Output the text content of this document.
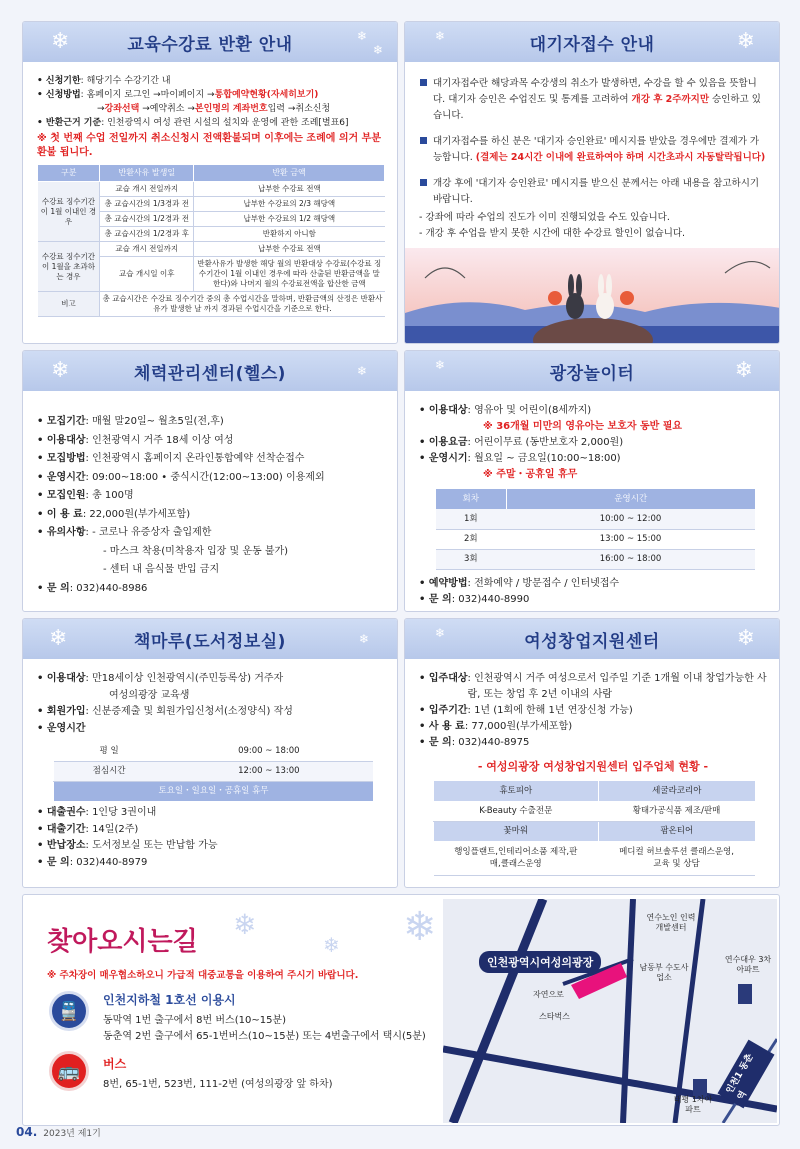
❄	❄
❄
교육수강료 반환 안내
• 신청기한 : 해당기수 수강기간 내
• 신청방법 : 홈페이지 로그인 →마이페이지 →통합예약현황(자세히보기)
→강좌선택 →예약취소 →본인명의 계좌번호입력 →취소신청
• 반환근거 기준 : 인천광역시 여성 관련 시설의 설치와 운영에 관한 조례[별표6]
※ 첫 번째 수업 전일까지 취소신청시 전액환불되며 이후에는 조례에 의거 부분환불 됩니다.
구분	반환사유 발생일	반환 금액
수강료 징수기간이 1월 이내인 경우	교습 개시 전일까지	납부한 수강료 전액
	총 교습시간의 1/3경과 전	납부한 수강료의 2/3 해당액
	총 교습시간의 1/2경과 전	납부한 수강료의 1/2 해당액
	총 교습시간의 1/2경과 후	반환하지 아니함
수강료 징수기간이 1월을 초과하는 경우	교습 개시 전일까지	납부한 수강료 전액
	교습 개시일 이후	반환사유가 발생한 해당 월의 반환대상 수강료(수강료 징수기간이 1월 이내인 경우에 따라 산출된 반환금액을 말한다)와 나머지 월의 수강료전액을 합산한 금액
비고	총 교습시간은 수강료 징수기간 중의 총 수업시간을 말하며, 반환금액의 산정은 반환사유가 발생한 날 까지 경과된 수업시간을 기준으로 한다.	
❄	❄
대기자접수 안내

대기자접수란 해당과목 수강생의 취소가 발생하면, 수강을 할 수 있음을 뜻합니다. 대기자 승인은 수업진도 및 통계를 고려하여 개강 후 2주까지만 승인하고 있습니다.

대기자접수를 하신 분은 '대기자 승인완료' 메시지를 받았을 경우에만 결제가 가능합니다. (결제는 24시간 이내에 완료하여야 하며 시간초과시 자동탈락됩니다)

개강 후에 '대기자 승인완료' 메시지를 받으신 분께서는 아래 내용을 참고하시기 바랍니다.

- 강좌에 따라 수업의 진도가 이미 진행되었을 수도 있습니다.
- 개강 후 수업을 받지 못한 시간에 대한 수강료 할인이 없습니다.
❄	❄
체력관리센터(헬스)
• 모집기간 : 매월 말20일~ 월초5일(전,후)
• 이용대상 : 인천광역시 거주 18세 이상 여성
• 모집방법 : 인천광역시 홈페이지 온라인통합예약 선착순접수
• 운영시간 : 09:00~18:00 • 중식시간(12:00~13:00) 이용제외
• 모집인원 : 총 100명
• 이 용 료 : 22,000원(부가세포함)
• 유의사항 : - 코로나 유증상자 출입제한
- 마스크 착용(미착용자 입장 및 운동 불가)
- 센터 내 음식물 반입 금지
• 문 의 : 032)440-8986
❄	❄
광장놀이터
• 이용대상 : 영유아 및 어린이(8세까지)
※ 36개월 미만의 영유아는 보호자 동반 필요
• 이용요금 : 어린이무료 (동반보호자 2,000원)
• 운영시기 : 월요일 ~ 금요일(10:00~18:00)
※ 주말・공휴일 휴무
회차	운영시간
1회	10:00 ~ 12:00
2회	13:00 ~ 15:00
3회	16:00 ~ 18:00
• 예약방법 : 전화예약 / 방문접수 / 인터넷접수
• 문 의 : 032)440-8990
❄	❄
책마루(도서정보실)
• 이용대상 : 만18세이상 인천광역시(주민등록상) 거주자
여성의광장 교육생
• 회원가입 : 신분증제출 및 회원가입신청서(소정양식) 작성
• 운영시간
평 일	09:00 ~ 18:00
점심시간	12:00 ~ 13:00
토요일・일요일・공휴일 휴무	
• 대출권수 : 1인당 3권이내
• 대출기간 : 14일(2주)
• 반납장소 : 도서정보실 또는 반납함 가능
• 문 의 : 032)440-8979
❄	❄
여성창업지원센터
• 입주대상 : 인천광역시 거주 여성으로서 입주일 기준 1개월 이내 창업가능한 사람, 또는 창업 후 2년 이내의 사람
• 입주기간 : 1년 (1회에 한해 1년 연장신청 가능)
• 사 용 료 : 77,000원(부가세포함)
• 문 의 : 032)440-8975
- 여성의광장 여성창업지원센터 입주업체 현황 -
휴토피아	세굴라코리아
K-Beauty 수출전문	황태가공식품 제조/판매
꽃마워	팜온티어
행잉플랜트,인테리어소품 제작,판매,클래스운영	메디컬 허브솔루션 클래스운영, 교육 및 상담
❄
❄ ❄
찾아오시는길
※ 주차장이 매우협소하오니 가급적 대중교통을 이용하여 주시기 바랍니다.
🚆
인천지하철 1호선 이용시
동막역 1번 출구에서 8번 버스(10~15분)
동춘역 2번 출구에서 65-1번버스(10~15분) 또는 4번출구에서 택시(5분)
🚌	버스
8번, 65-1번, 523번, 111-2번 (여성의광장 앞 하차)
인천광역시여성의광장
연수노인 인력개발센터
연수대우 3차아파트
남동부 수도사업소
자연으로
스타벅스
태평 1차아파트
인천1 동춘역
04. 2023년 제1기
